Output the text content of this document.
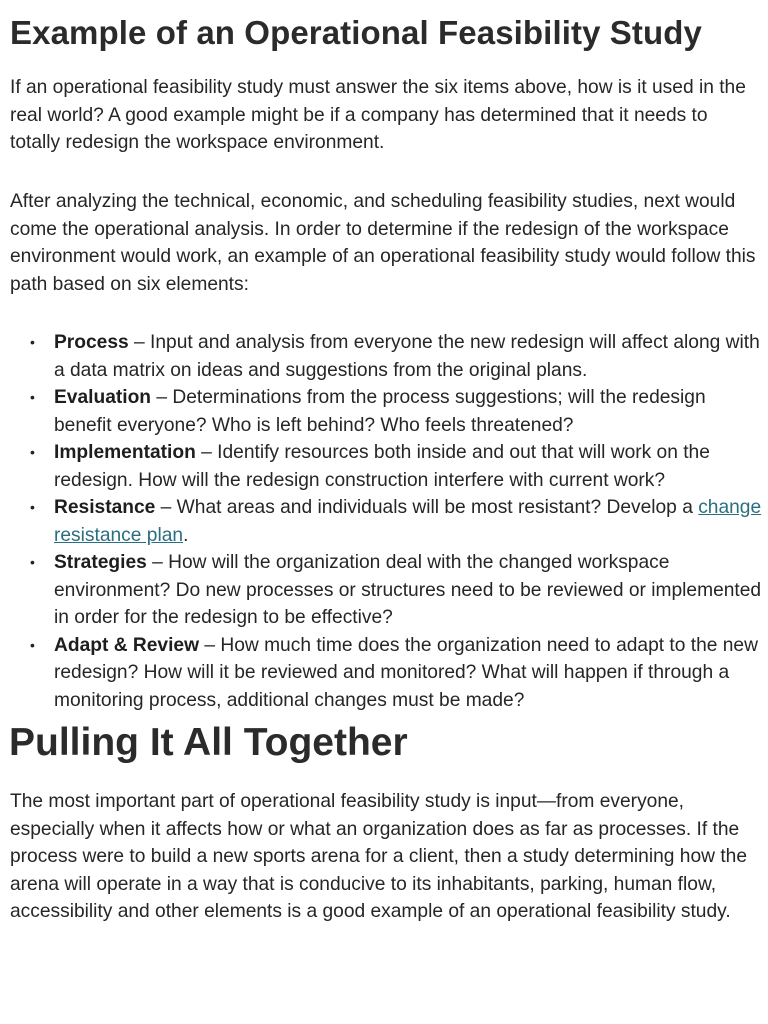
Example of an Operational Feasibility Study

If an operational feasibility study must answer the six items above, how is it used in the real world? A good example might be if a company has determined that it needs to totally redesign the workspace environment.

After analyzing the technical, economic, and scheduling feasibility studies, next would come the operational analysis. In order to determine if the redesign of the workspace environment would work, an example of an operational feasibility study would follow this path based on six elements:

• Process – Input and analysis from everyone the new redesign will affect along with a data matrix on ideas and suggestions from the original plans.
• Evaluation – Determinations from the process suggestions; will the redesign benefit everyone? Who is left behind? Who feels threatened?
• Implementation – Identify resources both inside and out that will work on the redesign. How will the redesign construction interfere with current work?
• Resistance – What areas and individuals will be most resistant? Develop a change resistance plan.
• Strategies – How will the organization deal with the changed workspace environment? Do new processes or structures need to be reviewed or implemented in order for the redesign to be effective?
• Adapt & Review – How much time does the organization need to adapt to the new redesign? How will it be reviewed and monitored? What will happen if through a monitoring process, additional changes must be made?
Pulling It All Together

The most important part of operational feasibility study is input—from everyone, especially when it affects how or what an organization does as far as processes. If the process were to build a new sports arena for a client, then a study determining how the arena will operate in a way that is conducive to its inhabitants, parking, human flow, accessibility and other elements is a good example of an operational feasibility study.
